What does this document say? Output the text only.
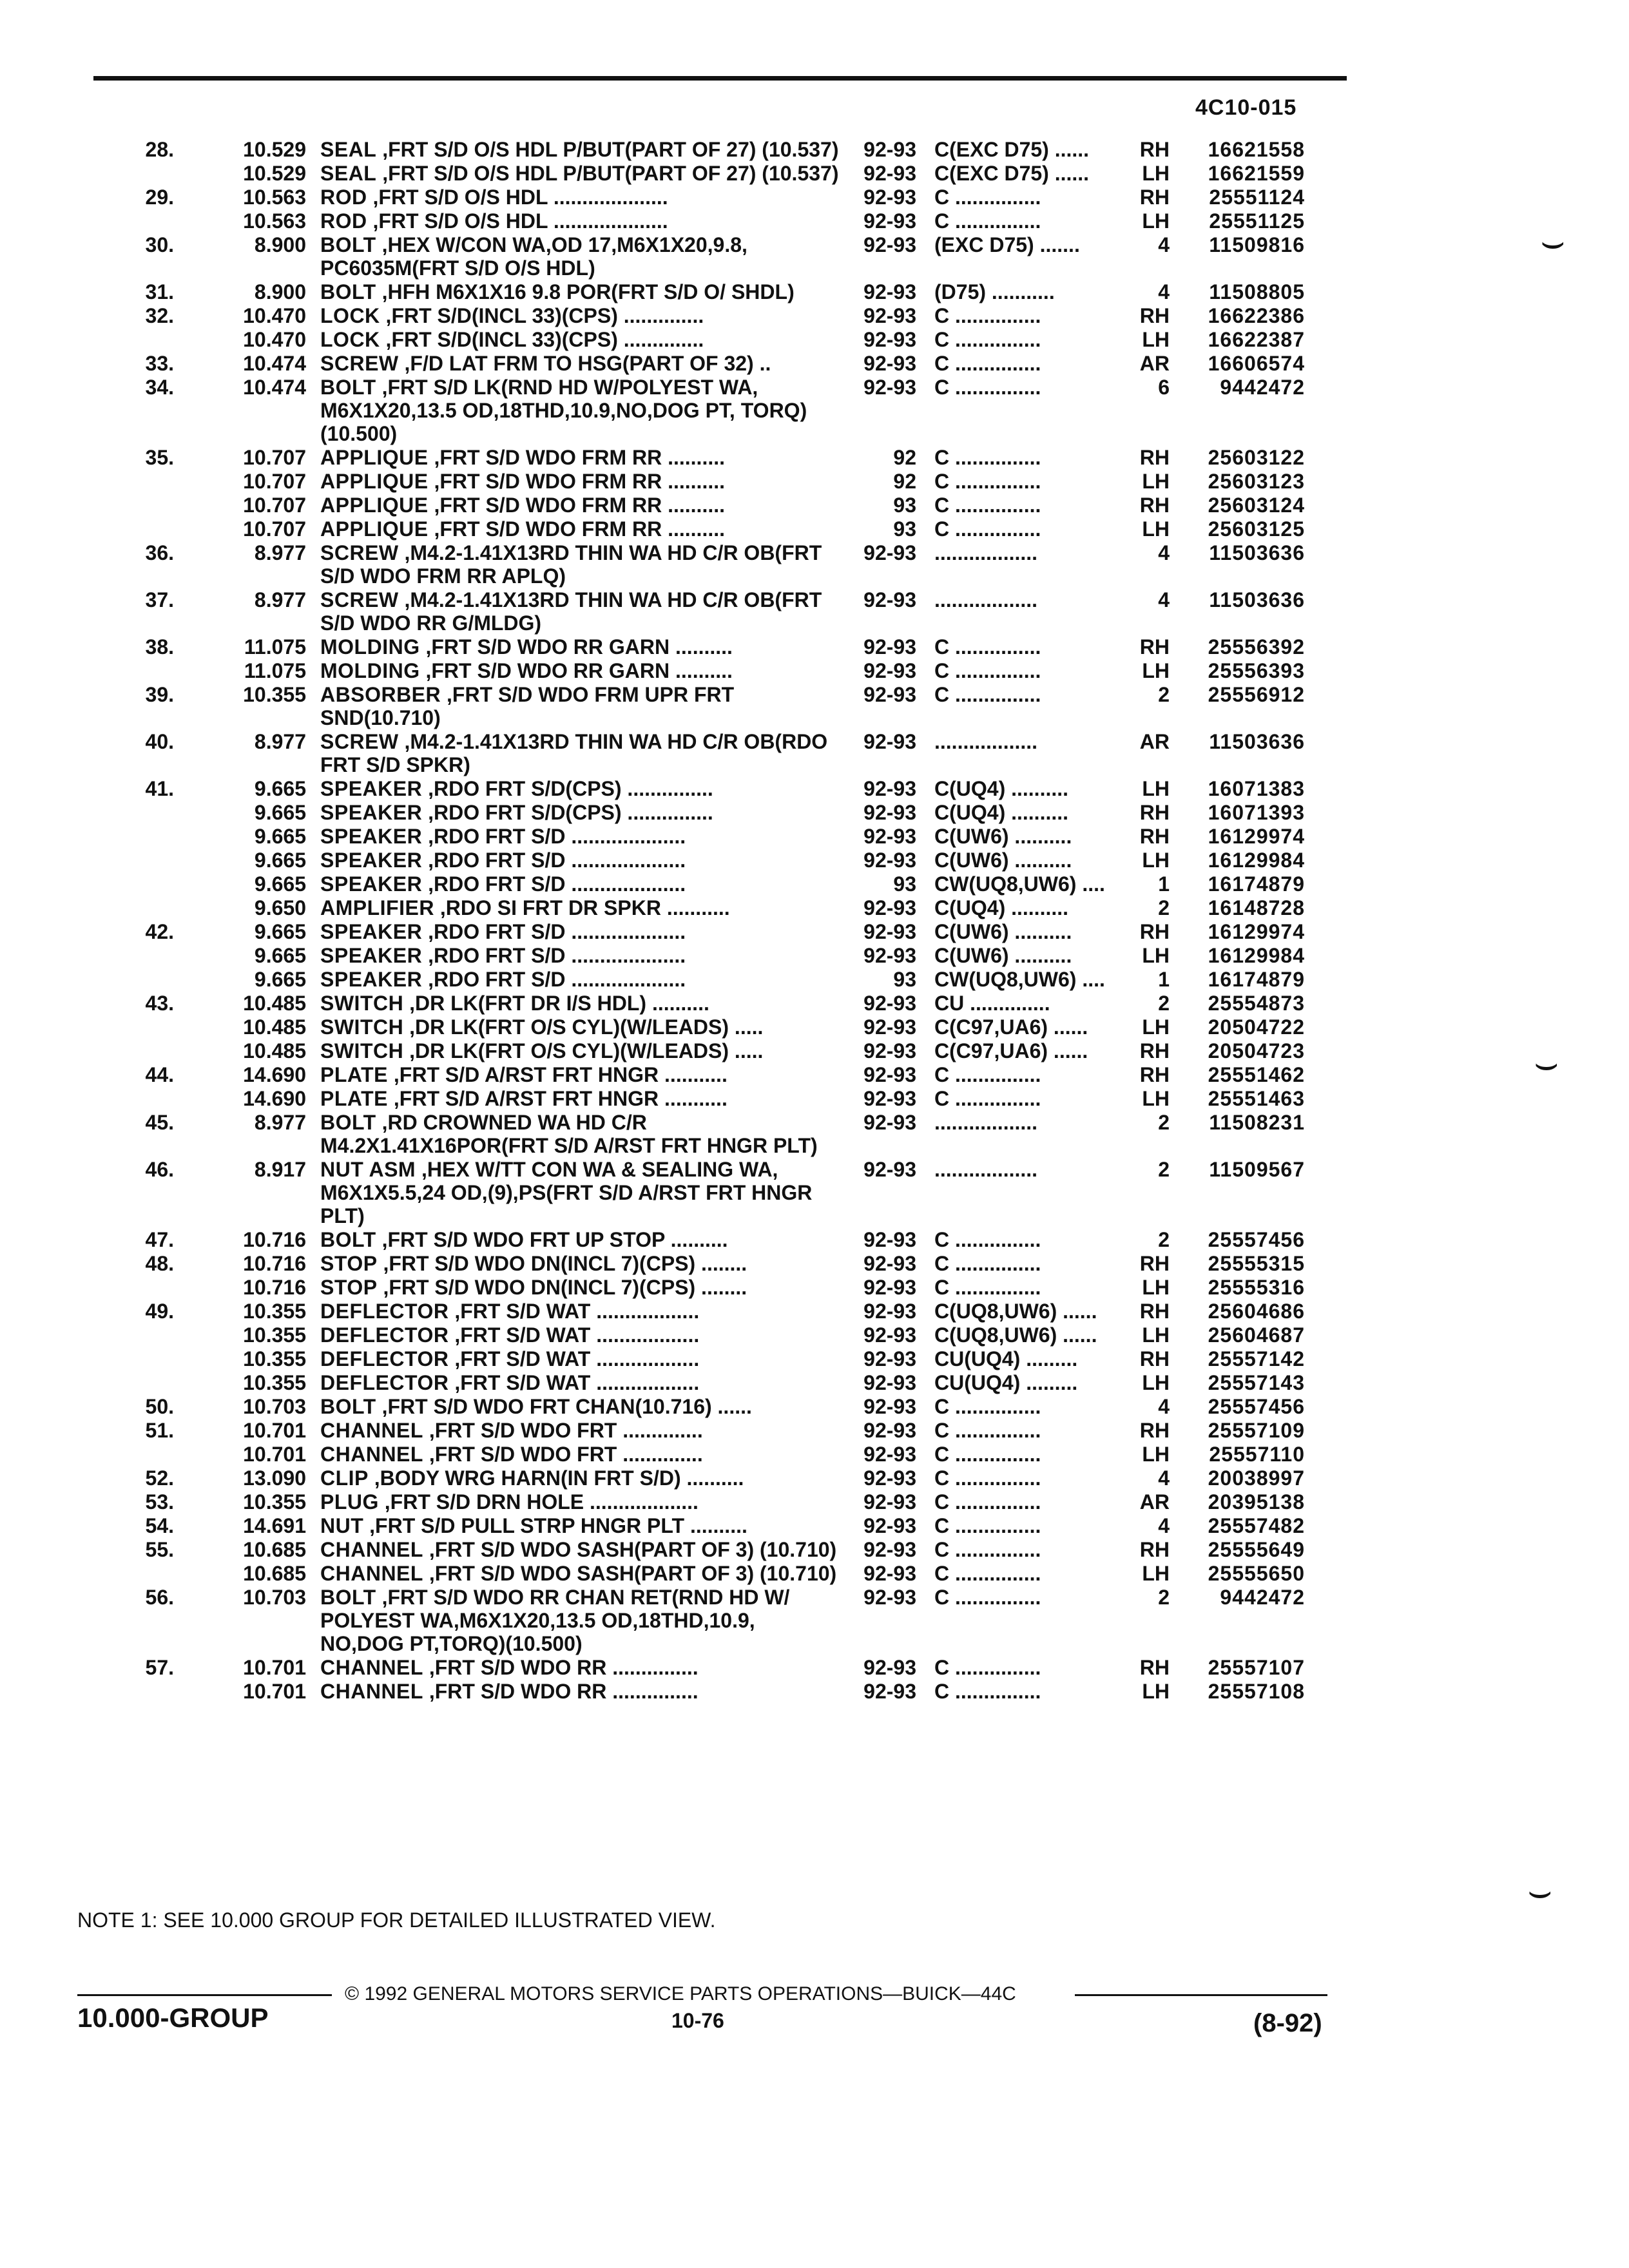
4C10-015
28.	10.529 SEAL ,FRT S/D O/S HDL P/BUT(PART OF 27) (10.537)	92-93 C(EXC D75) ......	RH	16621558
10.529 SEAL ,FRT S/D O/S HDL P/BUT(PART OF 27) (10.537)	92-93 C(EXC D75) ......	LH	16621559
29.	10.563 ROD ,FRT S/D O/S HDL ....................	92-93 C ...............	RH	25551124
10.563 ROD ,FRT S/D O/S HDL ....................	92-93 C ...............	LH	25551125
30.	8.900 BOLT ,HEX W/CON WA,OD 17,M6X1X20,9.8, PC6035M(FRT S/D O/S HDL)
92-93 (EXC D75) .......	4	11509816
31.	8.900 BOLT ,HFH M6X1X16 9.8 POR(FRT S/D O/ SHDL)	92-93 (D75) ...........	4	11508805
32.	10.470 LOCK ,FRT S/D(INCL 33)(CPS) ..............	92-93 C ...............	RH	16622386
10.470 LOCK ,FRT S/D(INCL 33)(CPS) ..............	92-93 C ...............	LH	16622387
33.	10.474 SCREW ,F/D LAT FRM TO HSG(PART OF 32) ..	92-93 C ...............	AR	16606574
34.	10.474 BOLT ,FRT S/D LK(RND HD W/POLYEST WA, M6X1X20,13.5 OD,18THD,10.9,NO,DOG PT, TORQ)(10.500)
92-93 C ...............	6	9442472
35.	10.707 APPLIQUE ,FRT S/D WDO FRM RR ..........	92 C ...............	RH	25603122
10.707 APPLIQUE ,FRT S/D WDO FRM RR ..........	92 C ...............	LH	25603123
10.707 APPLIQUE ,FRT S/D WDO FRM RR ..........	93 C ...............	RH	25603124
10.707 APPLIQUE ,FRT S/D WDO FRM RR ..........	93 C ...............	LH	25603125
36.	8.977 SCREW ,M4.2-1.41X13RD THIN WA HD C/R OB(FRT S/D WDO FRM RR APLQ)
92-93 ..................	4	11503636
37.	8.977 SCREW ,M4.2-1.41X13RD THIN WA HD C/R OB(FRT S/D WDO RR G/MLDG)
92-93 ..................	4	11503636
38.	11.075 MOLDING ,FRT S/D WDO RR GARN ..........	92-93 C ...............	RH	25556392
11.075 MOLDING ,FRT S/D WDO RR GARN ..........	92-93 C ...............	LH	25556393
39.	10.355 ABSORBER ,FRT S/D WDO FRM UPR FRT SND(10.710)
92-93 C ...............	2	25556912
40.	8.977 SCREW ,M4.2-1.41X13RD THIN WA HD C/R OB(RDO FRT S/D SPKR)
92-93 ..................	AR	11503636
41.	9.665 SPEAKER ,RDO FRT S/D(CPS) ...............	92-93 C(UQ4) ..........	LH	16071383
9.665 SPEAKER ,RDO FRT S/D(CPS) ...............	92-93 C(UQ4) ..........	RH	16071393
9.665 SPEAKER ,RDO FRT S/D ....................	92-93 C(UW6) ..........	RH	16129974
9.665 SPEAKER ,RDO FRT S/D ....................	92-93 C(UW6) ..........	LH	16129984
9.665 SPEAKER ,RDO FRT S/D ....................	93 CW(UQ8,UW6) ....	1	16174879
9.650 AMPLIFIER ,RDO SI FRT DR SPKR ...........	92-93 C(UQ4) ..........	2	16148728
42.	9.665 SPEAKER ,RDO FRT S/D ....................	92-93 C(UW6) ..........	RH	16129974
9.665 SPEAKER ,RDO FRT S/D ....................	92-93 C(UW6) ..........	LH	16129984
9.665 SPEAKER ,RDO FRT S/D ....................	93 CW(UQ8,UW6) ....	1	16174879
43.	10.485 SWITCH ,DR LK(FRT DR I/S HDL) ..........	92-93 CU ..............	2	25554873
10.485 SWITCH ,DR LK(FRT O/S CYL)(W/LEADS) .....	92-93 C(C97,UA6) ......	LH	20504722
10.485 SWITCH ,DR LK(FRT O/S CYL)(W/LEADS) .....	92-93 C(C97,UA6) ......	RH	20504723
44.	14.690 PLATE ,FRT S/D A/RST FRT HNGR ...........	92-93 C ...............	RH	25551462
14.690 PLATE ,FRT S/D A/RST FRT HNGR ...........	92-93 C ...............	LH	25551463
45.	8.977 BOLT ,RD CROWNED WA HD C/R M4.2X1.41X16POR(FRT S/D A/RST FRT HNGR PLT)
92-93 ..................	2	11508231
46.	8.917 NUT ASM ,HEX W/TT CON WA & SEALING WA, M6X1X5.5,24 OD,(9),PS(FRT S/D A/RST FRT HNGR PLT)
92-93 ..................	2	11509567
47.	10.716 BOLT ,FRT S/D WDO FRT UP STOP ..........	92-93 C ...............	2	25557456
48.	10.716 STOP ,FRT S/D WDO DN(INCL 7)(CPS) ........	92-93 C ...............	RH	25555315
10.716 STOP ,FRT S/D WDO DN(INCL 7)(CPS) ........	92-93 C ...............	LH	25555316
49.	10.355 DEFLECTOR ,FRT S/D WAT ..................	92-93 C(UQ8,UW6) ......	RH	25604686
10.355 DEFLECTOR ,FRT S/D WAT ..................	92-93 C(UQ8,UW6) ......	LH	25604687
10.355 DEFLECTOR ,FRT S/D WAT ..................	92-93 CU(UQ4) .........	RH	25557142
10.355 DEFLECTOR ,FRT S/D WAT ..................	92-93 CU(UQ4) .........	LH	25557143
50.	10.703 BOLT ,FRT S/D WDO FRT CHAN(10.716) ......	92-93 C ...............	4	25557456
51.	10.701 CHANNEL ,FRT S/D WDO FRT ..............	92-93 C ...............	RH	25557109
10.701 CHANNEL ,FRT S/D WDO FRT ..............	92-93 C ...............	LH	25557110
52.	13.090 CLIP ,BODY WRG HARN(IN FRT S/D) ..........	92-93 C ...............	4	20038997
53.	10.355 PLUG ,FRT S/D DRN HOLE ...................	92-93 C ...............	AR	20395138
54.	14.691 NUT ,FRT S/D PULL STRP HNGR PLT ..........	92-93 C ...............	4	25557482
55.	10.685 CHANNEL ,FRT S/D WDO SASH(PART OF 3) (10.710)	92-93 C ...............	RH	25555649
10.685 CHANNEL ,FRT S/D WDO SASH(PART OF 3) (10.710)	92-93 C ...............	LH	25555650
56.	10.703 BOLT ,FRT S/D WDO RR CHAN RET(RND HD W/ POLYEST WA,M6X1X20,13.5 OD,18THD,10.9, NO,DOG PT,TORQ)(10.500)
92-93 C ...............	2	9442472
57.	10.701 CHANNEL ,FRT S/D WDO RR ...............	92-93 C ...............	RH	25557107
10.701 CHANNEL ,FRT S/D WDO RR ...............	92-93 C ...............	LH	25557108
NOTE 1: SEE 10.000 GROUP FOR DETAILED ILLUSTRATED VIEW.
© 1992 GENERAL MOTORS SERVICE PARTS OPERATIONS—BUICK—44C
10.000-GROUP	10-76	(8-92)
⌣
⌣
⌣
